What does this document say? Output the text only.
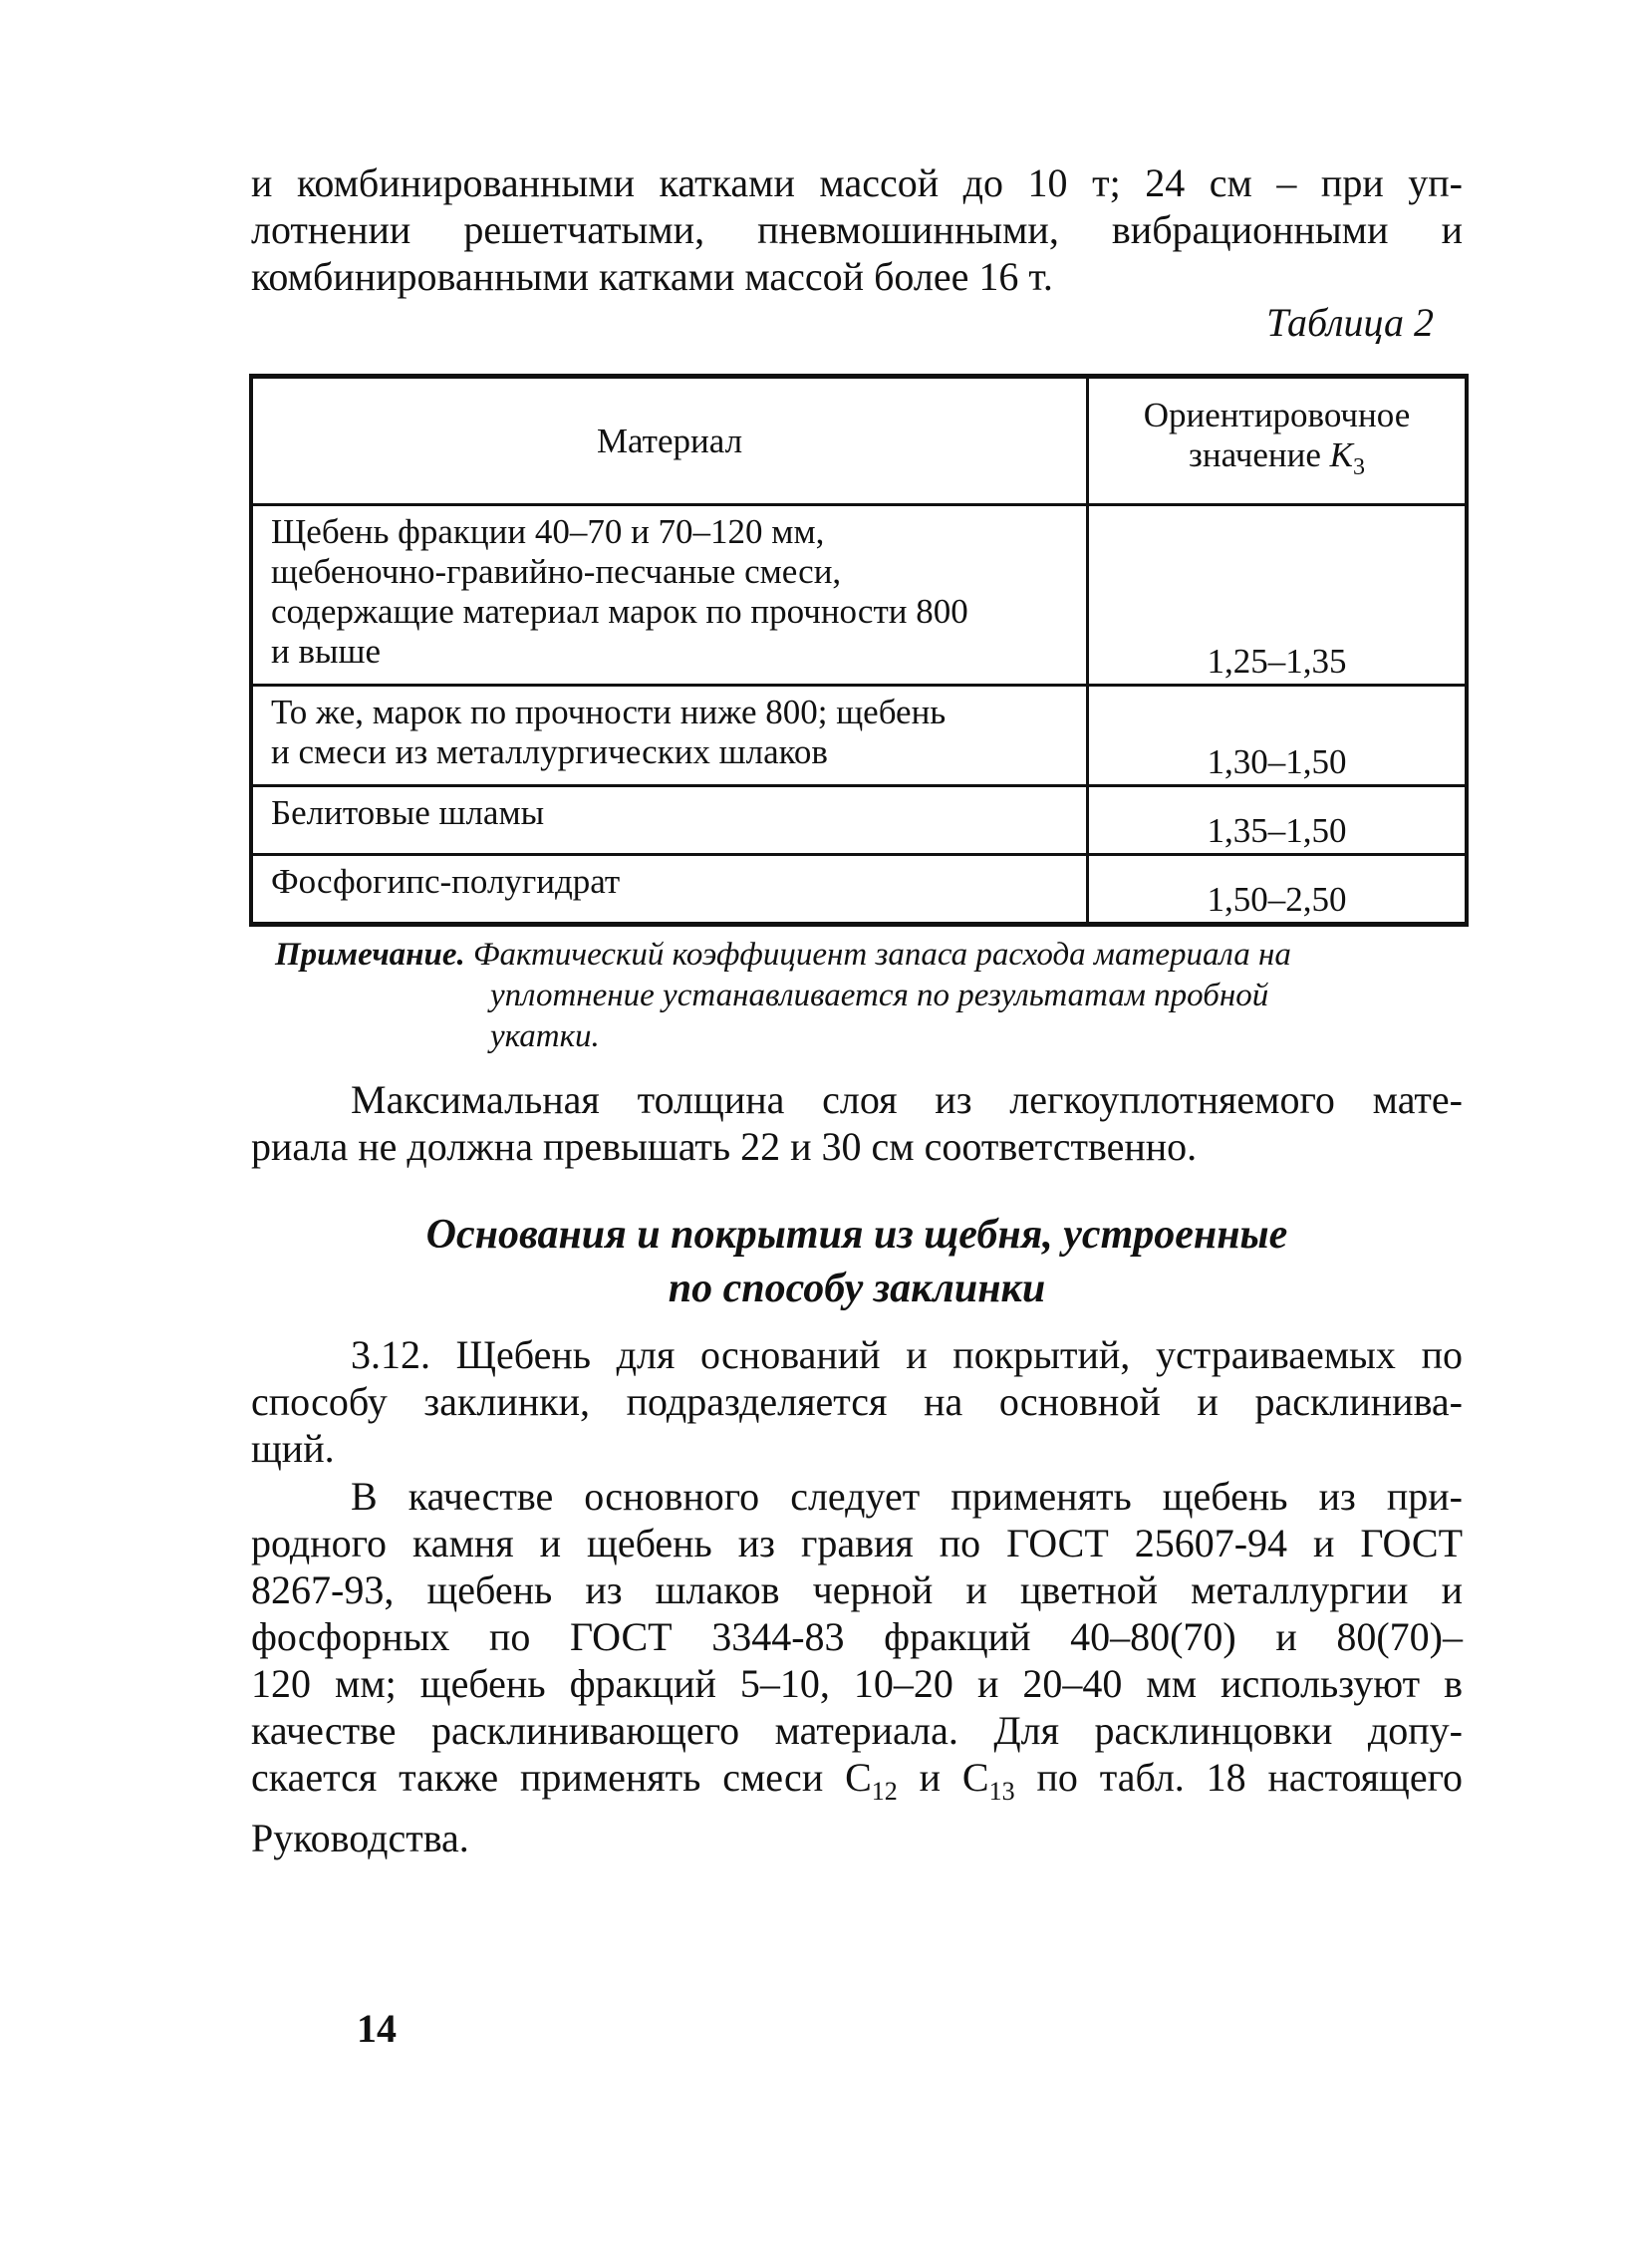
и комбинированными катками массой до 10 т; 24 см – при уп-
лотнении решетчатыми, пневмошинными, вибрационными и
комбинированными катками массой более 16 т.

Таблица 2

Материал	Ориентировочное
значение $K_3$
Щебень фракции 40–70 и 70–120 мм,
щебеночно-гравийно-песчаные смеси,
содержащие материал марок по прочности 800
и выше	1,25–1,35
То же, марок по прочности ниже 800; щебень
и смеси из металлургических шлаков	1,30–1,50
Белитовые шламы	1,35–1,50
Фосфогипс-полугидрат	1,50–2,50

Примечание. Фактический коэффициент запаса расхода материала на
уплотнение устанавливается по результатам пробной
укатки.

Максимальная толщина слоя из легкоуплотняемого мате-
риала не должна превышать 22 и 30 см соответственно.

Основания и покрытия из щебня, устроенные
по способу заклинки

3.12. Щебень для оснований и покрытий, устраиваемых по
способу заклинки, подразделяется на основной и расклинива-
щий.

В качестве основного следует применять щебень из при-
родного камня и щебень из гравия по ГОСТ 25607-94 и ГОСТ
8267-93, щебень из шлаков черной и цветной металлургии и
фосфорных по ГОСТ 3344-83 фракций 40–80(70) и 80(70)–
120 мм; щебень фракций 5–10, 10–20 и 20–40 мм используют в
качестве расклинивающего материала. Для расклинцовки допу-
скается также применять смеси $С_{12}$ и $С_{13}$ по табл. 18 настоящего
Руководства.

14
